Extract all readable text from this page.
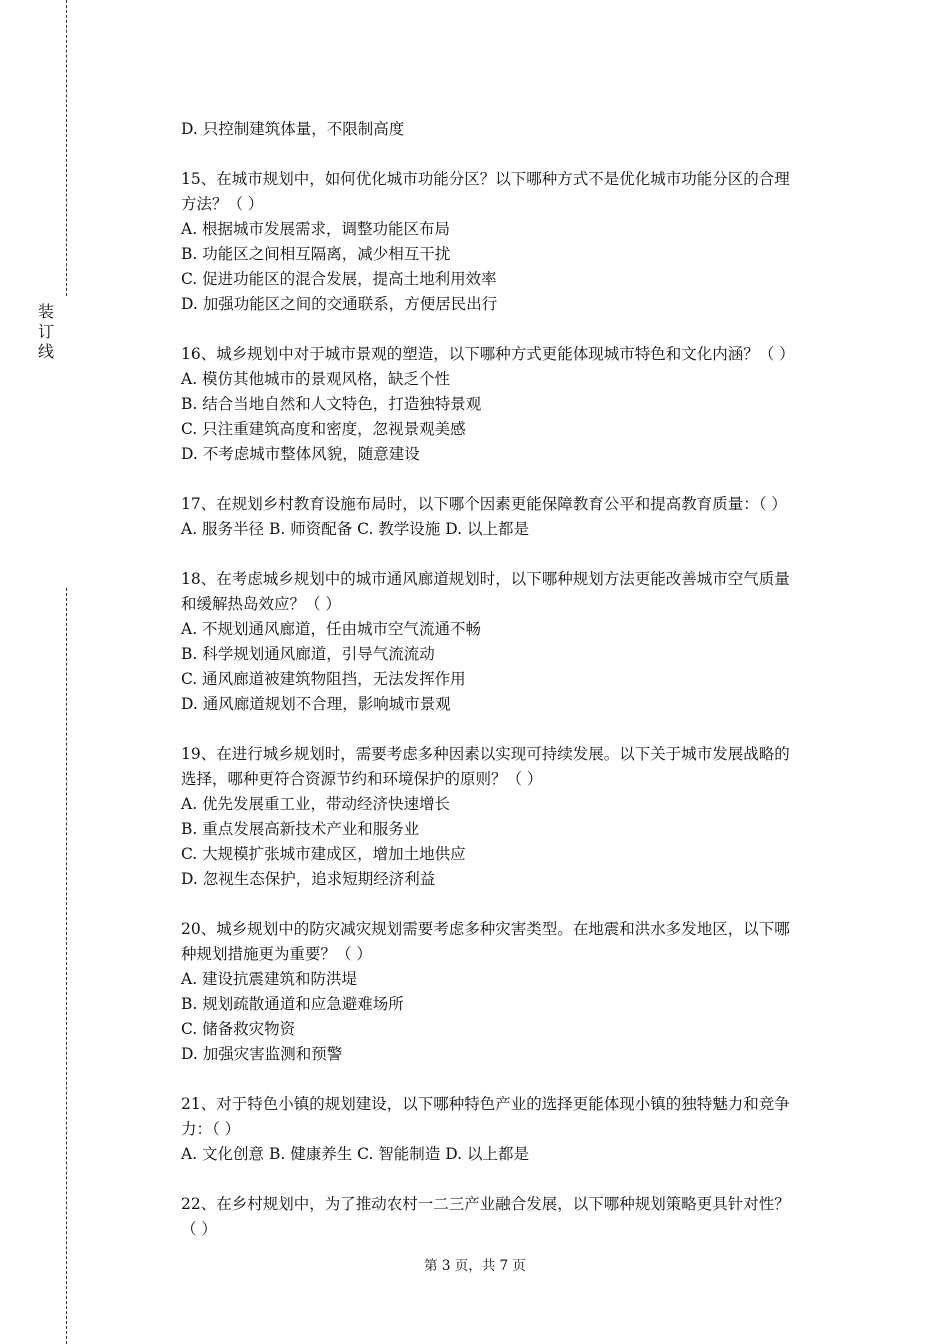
装
订
线
D. 只控制建筑体量，不限制高度
15、在城市规划中，如何优化城市功能分区？以下哪种方式不是优化城市功能分区的合理
方法？（ ）
A. 根据城市发展需求，调整功能区布局
B. 功能区之间相互隔离，减少相互干扰
C. 促进功能区的混合发展，提高土地利用效率
D. 加强功能区之间的交通联系，方便居民出行
16、城乡规划中对于城市景观的塑造，以下哪种方式更能体现城市特色和文化内涵？（ ）
A. 模仿其他城市的景观风格，缺乏个性
B. 结合当地自然和人文特色，打造独特景观
C. 只注重建筑高度和密度，忽视景观美感
D. 不考虑城市整体风貌，随意建设
17、在规划乡村教育设施布局时，以下哪个因素更能保障教育公平和提高教育质量：（ ）
A. 服务半径 B. 师资配备 C. 教学设施 D. 以上都是
18、在考虑城乡规划中的城市通风廊道规划时，以下哪种规划方法更能改善城市空气质量
和缓解热岛效应？（ ）
A. 不规划通风廊道，任由城市空气流通不畅
B. 科学规划通风廊道，引导气流流动
C. 通风廊道被建筑物阻挡，无法发挥作用
D. 通风廊道规划不合理，影响城市景观
19、在进行城乡规划时，需要考虑多种因素以实现可持续发展。以下关于城市发展战略的
选择，哪种更符合资源节约和环境保护的原则？（ ）
A. 优先发展重工业，带动经济快速增长
B. 重点发展高新技术产业和服务业
C. 大规模扩张城市建成区，增加土地供应
D. 忽视生态保护，追求短期经济利益
20、城乡规划中的防灾减灾规划需要考虑多种灾害类型。在地震和洪水多发地区，以下哪
种规划措施更为重要？（ ）
A. 建设抗震建筑和防洪堤
B. 规划疏散通道和应急避难场所
C. 储备救灾物资
D. 加强灾害监测和预警
21、对于特色小镇的规划建设，以下哪种特色产业的选择更能体现小镇的独特魅力和竞争
力：（ ）
A. 文化创意 B. 健康养生 C. 智能制造 D. 以上都是
22、在乡村规划中，为了推动农村一二三产业融合发展，以下哪种规划策略更具针对性？
（ ）
第 3 页，共 7 页
